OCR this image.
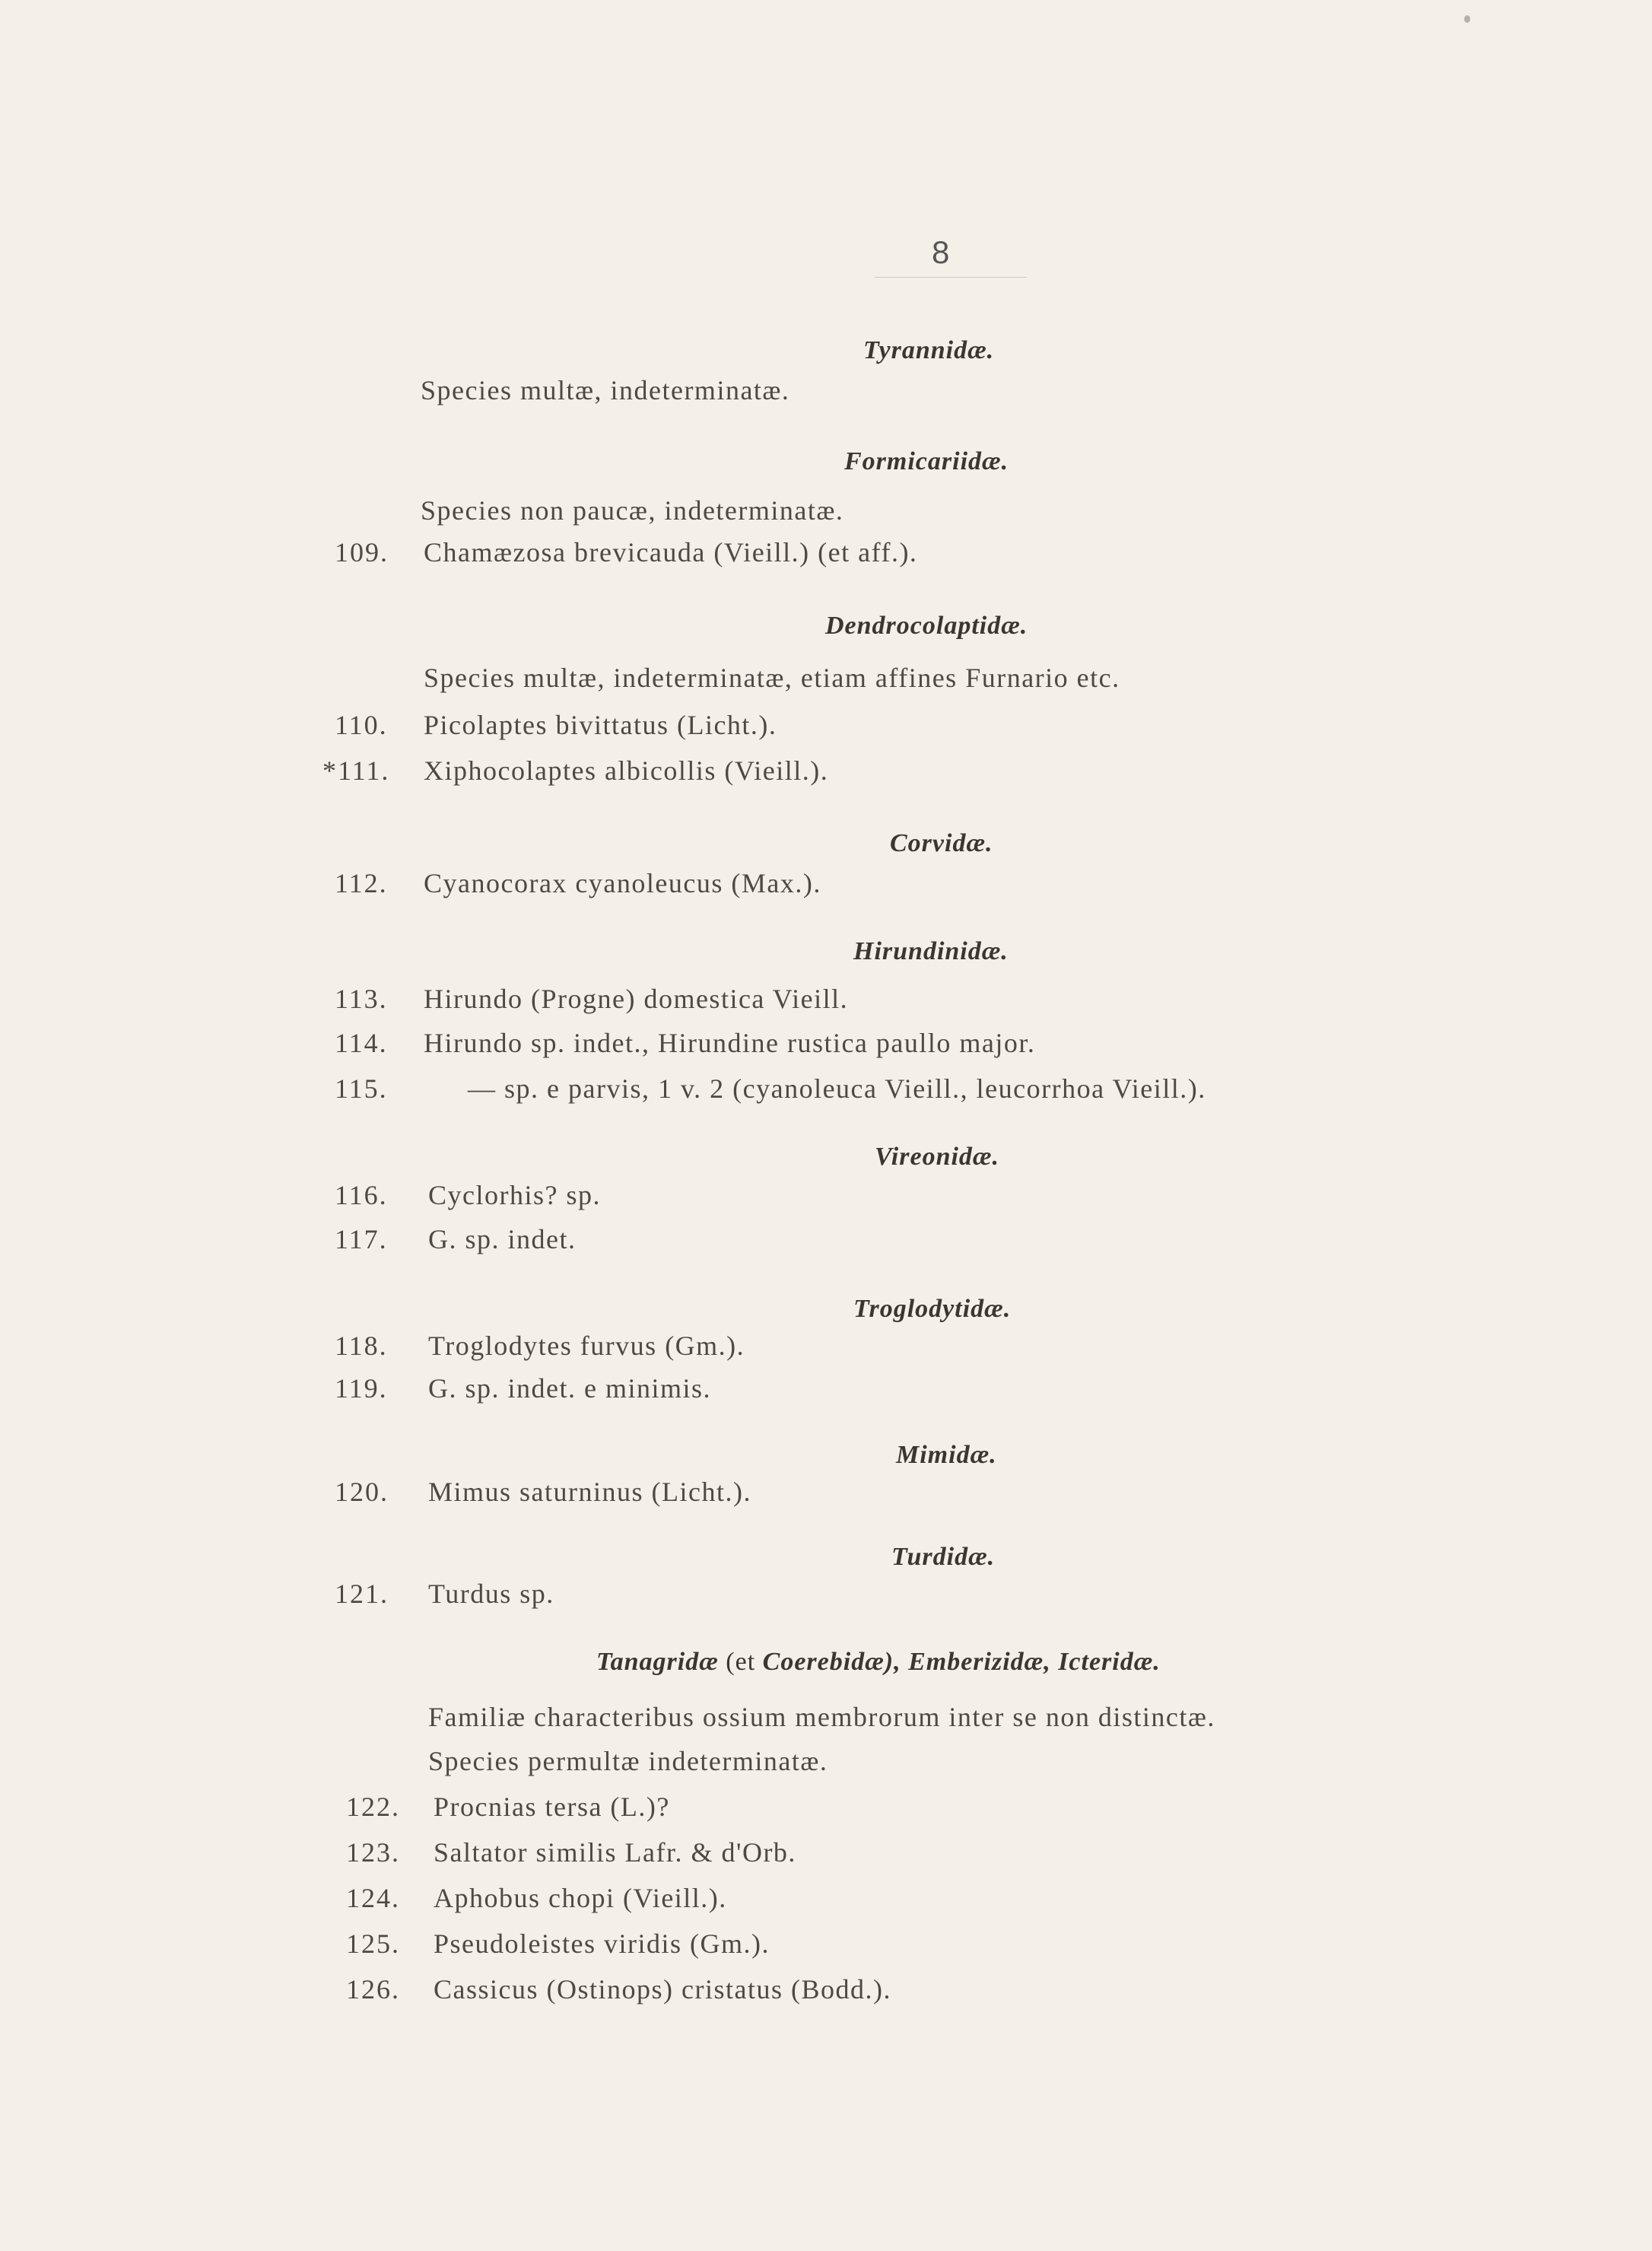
8
Tyrannidæ.
Species multæ, indeterminatæ.
Formicariidæ.
Species non paucæ, indeterminatæ.
109. Chamæzosa brevicauda (Vieill.) (et aff.).
Dendrocolaptidæ.
Species multæ, indeterminatæ, etiam affines Furnario etc.
110. Picolaptes bivittatus (Licht.).
*111. Xiphocolaptes albicollis (Vieill.).
Corvidæ.
112. Cyanocorax cyanoleucus (Max.).
Hirundinidæ.
113. Hirundo (Progne) domestica Vieill.
114. Hirundo sp. indet., Hirundine rustica paullo major.
115.	— sp. e parvis, 1 v. 2 (cyanoleuca Vieill., leucorrhoa Vieill.).
Vireonidæ.
116. Cyclorhis? sp.
117. G. sp. indet.
Troglodytidæ.
118. Troglodytes furvus (Gm.).
119. G. sp. indet. e minimis.
Mimidæ.
120. Mimus saturninus (Licht.).
Turdidæ.
121. Turdus sp.
Tanagridæ (et Coerebidæ), Emberizidæ, Icteridæ.
Familiæ characteribus ossium membrorum inter se non distinctæ.
Species permultæ indeterminatæ.
122. Procnias tersa (L.)?
123. Saltator similis Lafr. & d'Orb.
124. Aphobus chopi (Vieill.).
125. Pseudoleistes viridis (Gm.).
126. Cassicus (Ostinops) cristatus (Bodd.).
